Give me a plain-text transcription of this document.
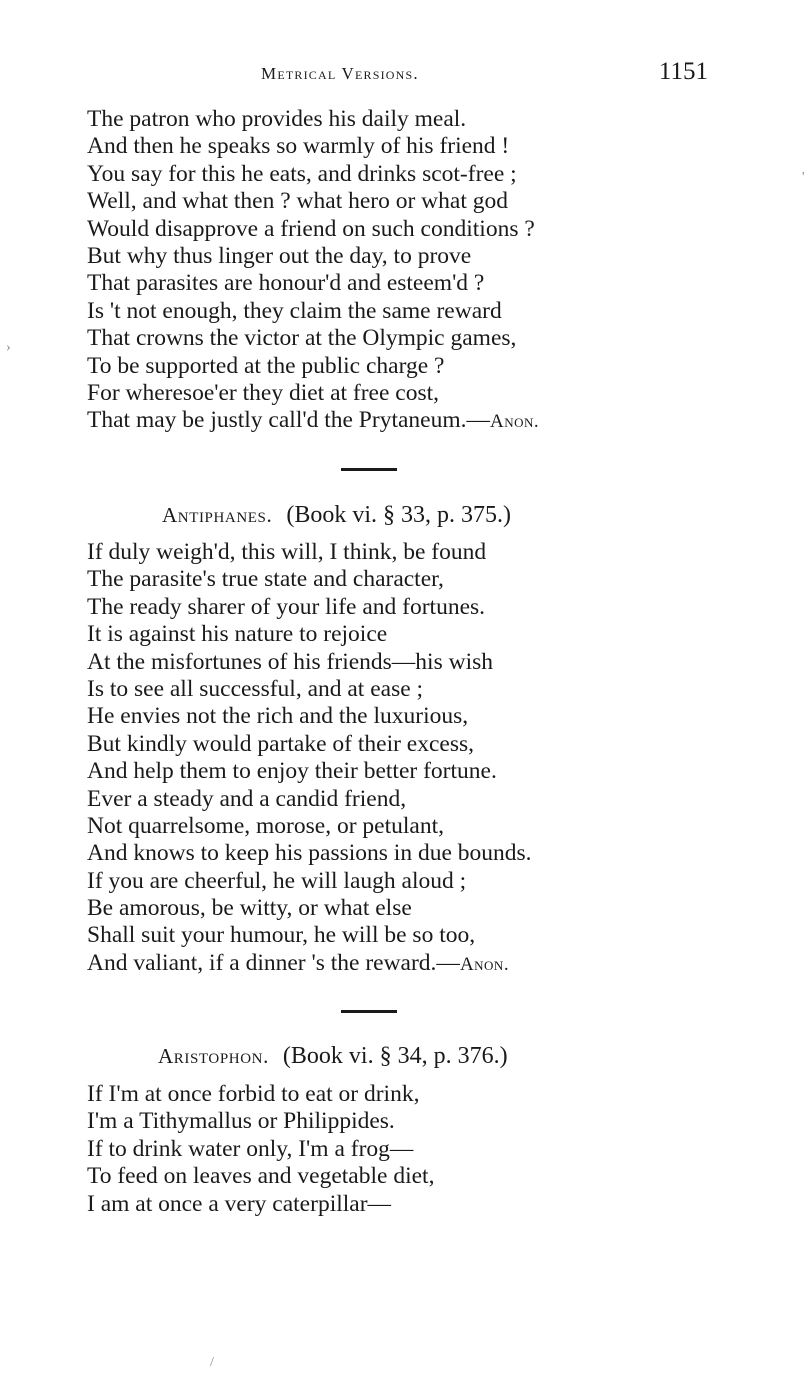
Metrical Versions.	1151
The patron who provides his daily meal.
And then he speaks so warmly of his friend !
You say for this he eats, and drinks scot-free ;
Well, and what then ? what hero or what god
Would disapprove a friend on such conditions ?
But why thus linger out the day, to prove
That parasites are honour'd and esteem'd ?
Is 't not enough, they claim the same reward
That crowns the victor at the Olympic games,
To be supported at the public charge ?
For wheresoe'er they diet at free cost,
That may be justly call'd the Prytaneum.—Anon.
Antiphanes. (Book vi. § 33, p. 375.)
If duly weigh'd, this will, I think, be found
The parasite's true state and character,
The ready sharer of your life and fortunes.
It is against his nature to rejoice
At the misfortunes of his friends—his wish
Is to see all successful, and at ease ;
He envies not the rich and the luxurious,
But kindly would partake of their excess,
And help them to enjoy their better fortune.
Ever a steady and a candid friend,
Not quarrelsome, morose, or petulant,
And knows to keep his passions in due bounds.
If you are cheerful, he will laugh aloud ;
Be amorous, be witty, or what else
Shall suit your humour, he will be so too,
And valiant, if a dinner 's the reward.—Anon.
Aristophon. (Book vi. § 34, p. 376.)
If I'm at once forbid to eat or drink,
I'm a Tithymallus or Philippides.
If to drink water only, I'm a frog—
To feed on leaves and vegetable diet,
I am at once a very caterpillar—
›
'
/
